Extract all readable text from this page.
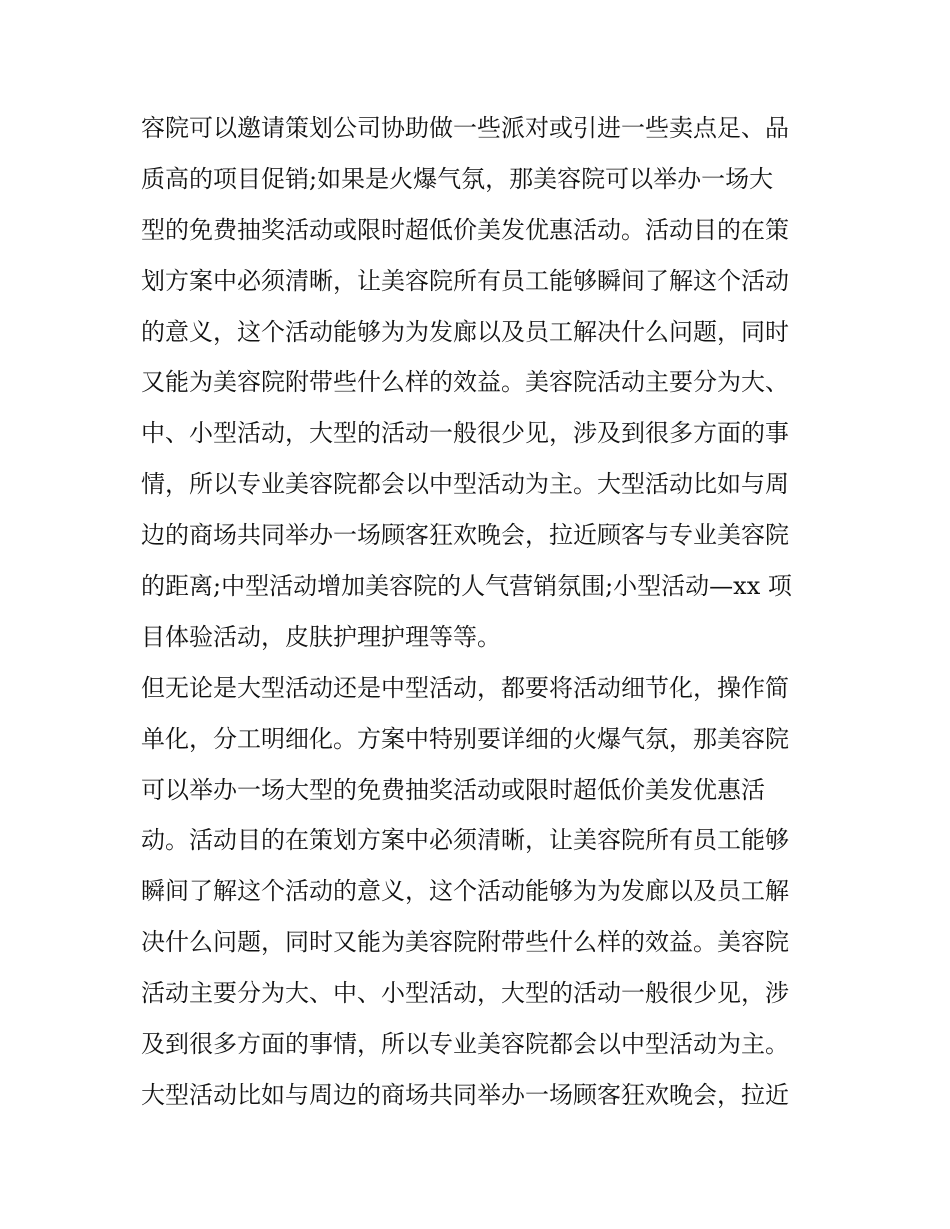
容院可以邀请策划公司协助做一些派对或引进一些卖点足、品
质高的项目促销;如果是火爆气氛，那美容院可以举办一场大
型的免费抽奖活动或限时超低价美发优惠活动。活动目的在策
划方案中必须清晰，让美容院所有员工能够瞬间了解这个活动
的意义，这个活动能够为为发廊以及员工解决什么问题，同时
又能为美容院附带些什么样的效益。美容院活动主要分为大、
中、小型活动，大型的活动一般很少见，涉及到很多方面的事
情，所以专业美容院都会以中型活动为主。大型活动比如与周
边的商场共同举办一场顾客狂欢晚会，拉近顾客与专业美容院
的距离;中型活动增加美容院的人气营销氛围;小型活动—xx 项
目体验活动，皮肤护理护理等等。
但无论是大型活动还是中型活动，都要将活动细节化，操作简
单化，分工明细化。方案中特别要详细的火爆气氛，那美容院
可以举办一场大型的免费抽奖活动或限时超低价美发优惠活
动。活动目的在策划方案中必须清晰，让美容院所有员工能够
瞬间了解这个活动的意义，这个活动能够为为发廊以及员工解
决什么问题，同时又能为美容院附带些什么样的效益。美容院
活动主要分为大、中、小型活动，大型的活动一般很少见，涉
及到很多方面的事情，所以专业美容院都会以中型活动为主。
大型活动比如与周边的商场共同举办一场顾客狂欢晚会，拉近
